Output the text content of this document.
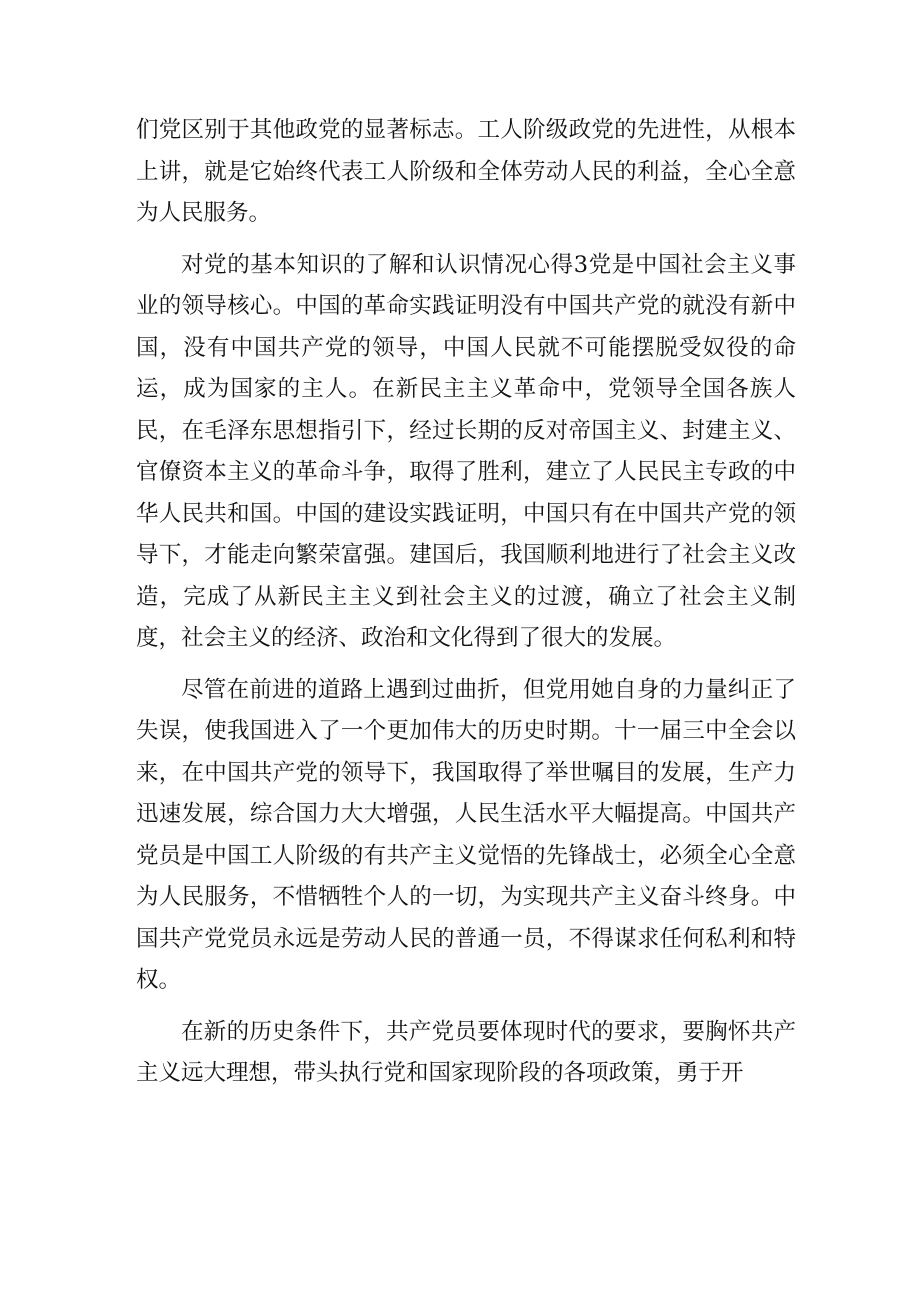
们党区别于其他政党的显著标志。工人阶级政党的先进性，从根本上讲，就是它始终代表工人阶级和全体劳动人民的利益，全心全意为人民服务。

对党的基本知识的了解和认识情况心得3党是中国社会主义事业的领导核心。中国的革命实践证明没有中国共产党的就没有新中国，没有中国共产党的领导，中国人民就不可能摆脱受奴役的命运，成为国家的主人。在新民主主义革命中，党领导全国各族人民，在毛泽东思想指引下，经过长期的反对帝国主义、封建主义、官僚资本主义的革命斗争，取得了胜利，建立了人民民主专政的中华人民共和国。中国的建设实践证明，中国只有在中国共产党的领导下，才能走向繁荣富强。建国后，我国顺利地进行了社会主义改造，完成了从新民主主义到社会主义的过渡，确立了社会主义制度，社会主义的经济、政治和文化得到了很大的发展。

尽管在前进的道路上遇到过曲折，但党用她自身的力量纠正了失误，使我国进入了一个更加伟大的历史时期。十一届三中全会以来，在中国共产党的领导下，我国取得了举世嘱目的发展，生产力迅速发展，综合国力大大增强，人民生活水平大幅提高。中国共产党员是中国工人阶级的有共产主义觉悟的先锋战士，必须全心全意为人民服务，不惜牺牲个人的一切，为实现共产主义奋斗终身。中国共产党党员永远是劳动人民的普通一员，不得谋求任何私利和特权。

在新的历史条件下，共产党员要体现时代的要求，要胸怀共产主义远大理想，带头执行党和国家现阶段的各项政策，勇于开
